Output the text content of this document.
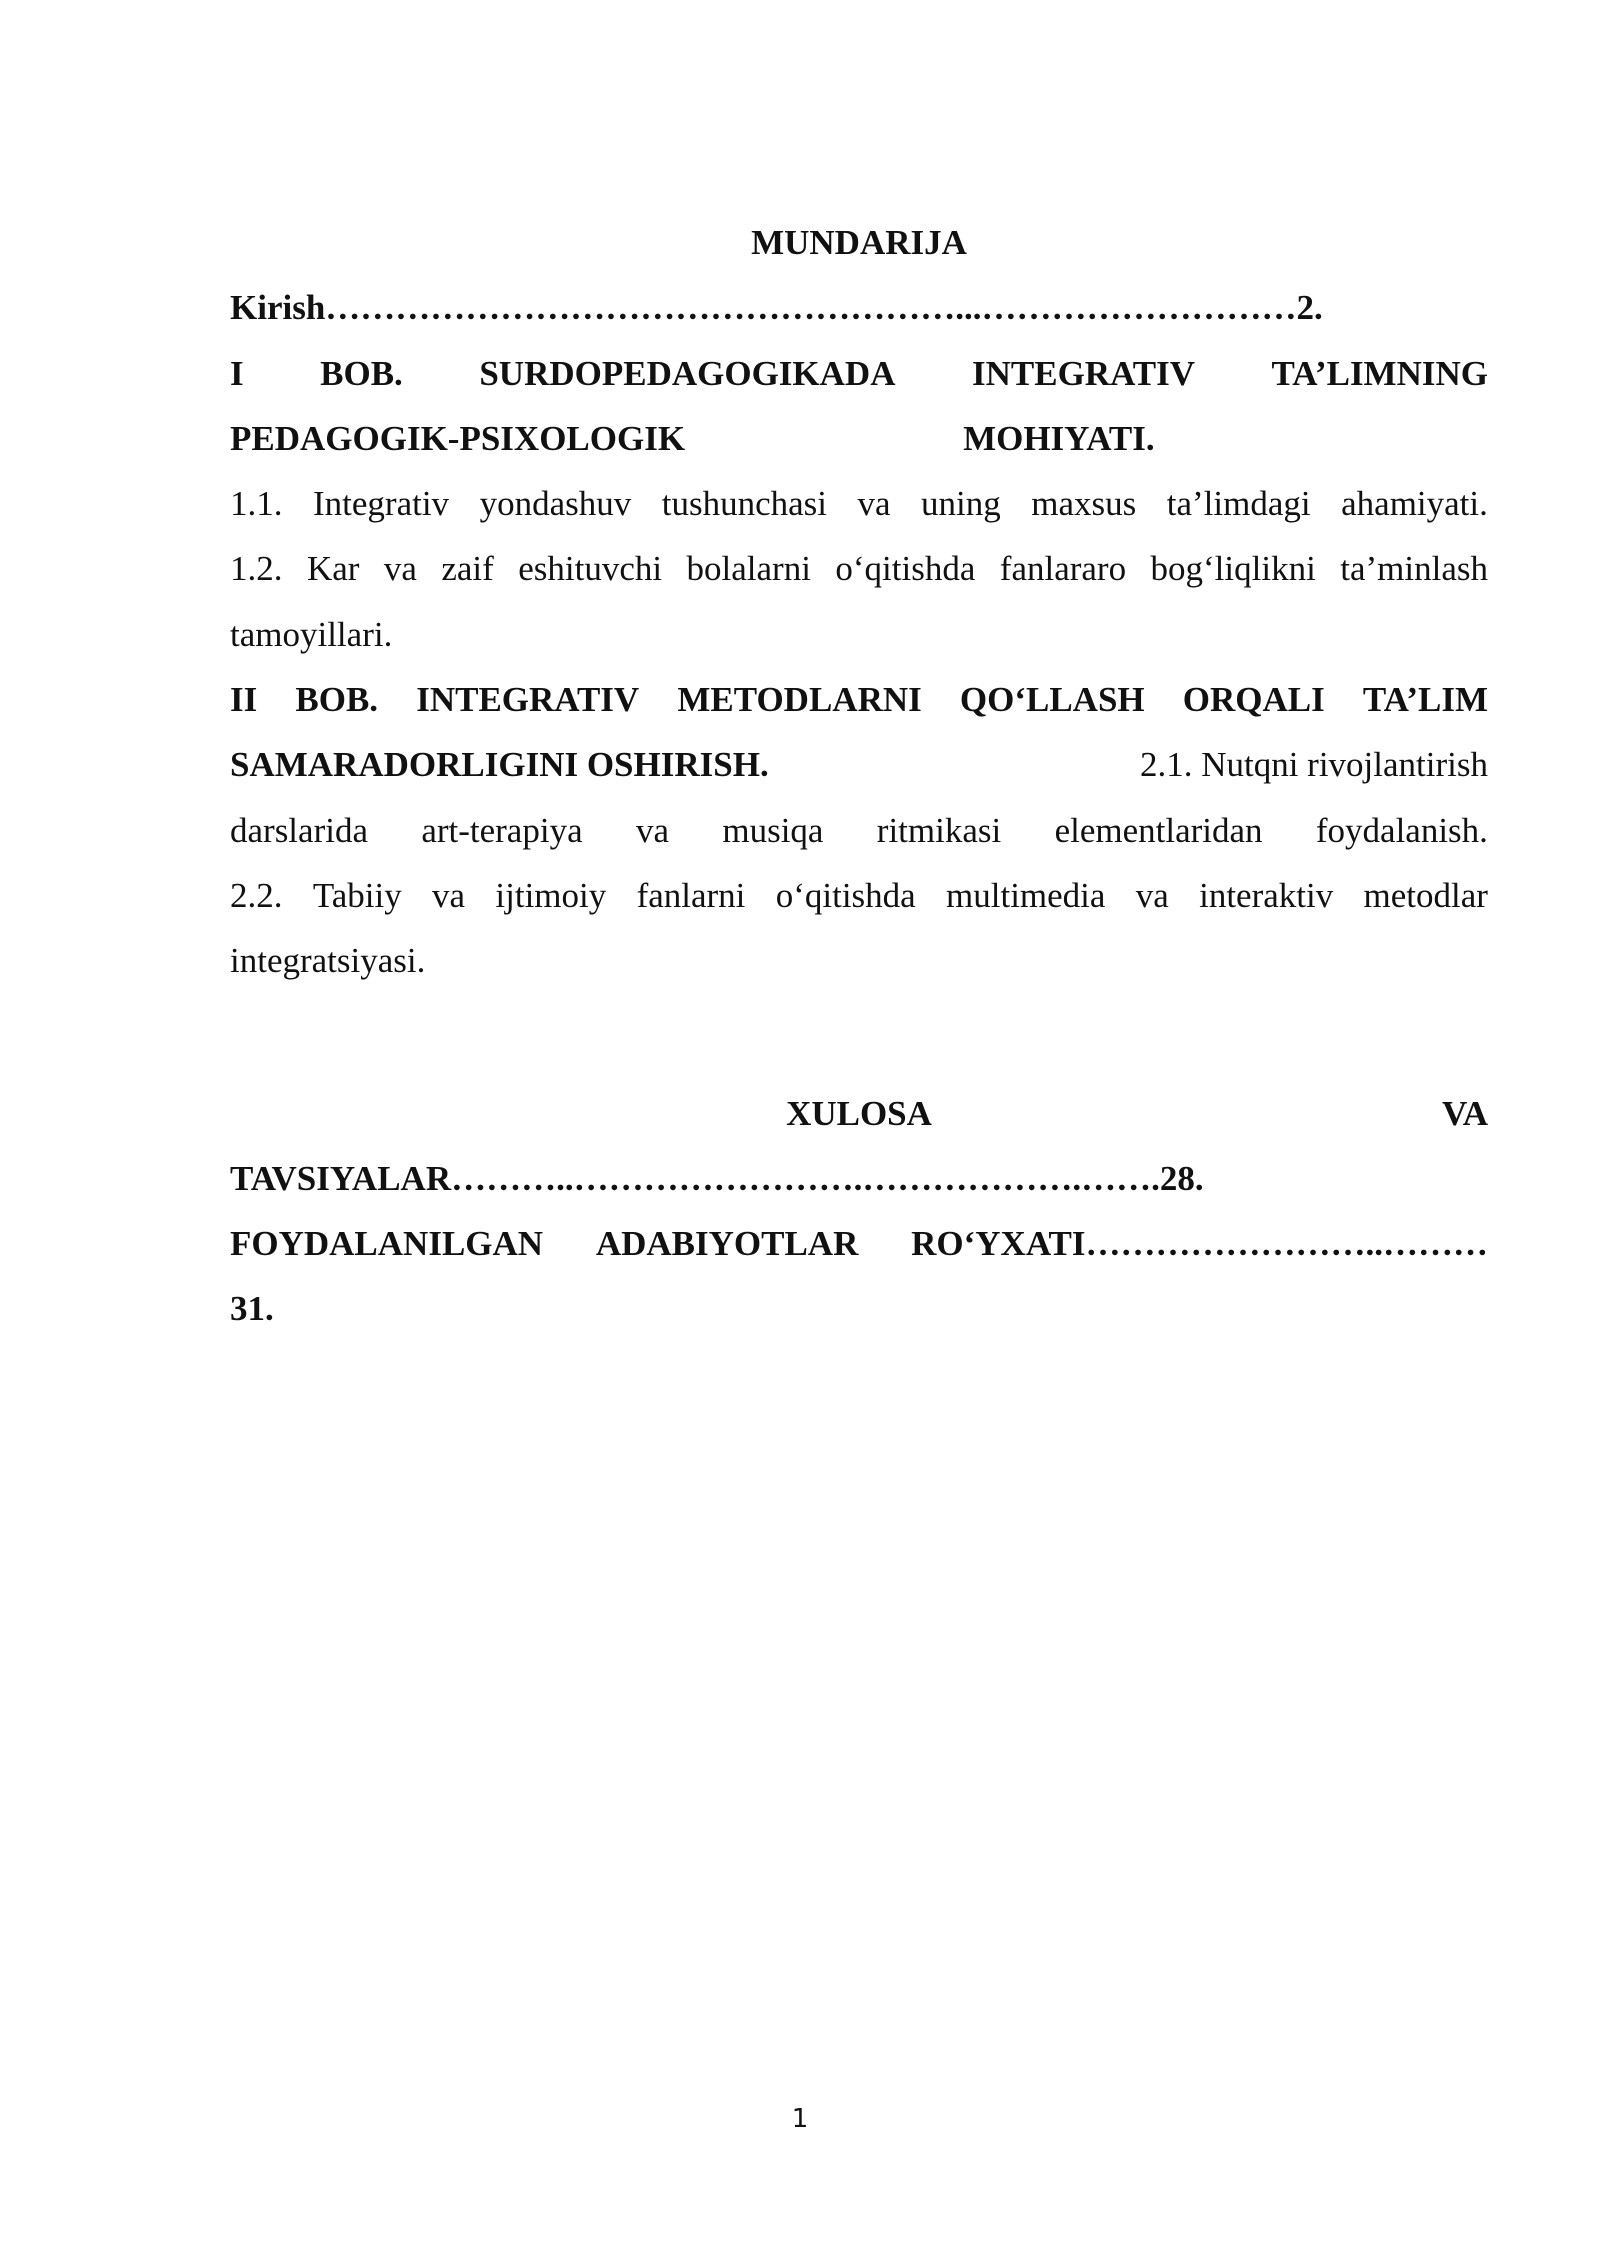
MUNDARIJA

Kirish ………………………………………………...……………………… 2.

I BOB. SURDOPEDAGOGIKADA INTEGRATIV TA’LIMNING

PEDAGOGIK-PSIXOLOGIK	MOHIYATI.

1.1. Integrativ yondashuv tushunchasi va uning maxsus ta’limdagi ahamiyati.

1.2. Kar va zaif eshituvchi bolalarni o‘qitishda fanlararo bog‘liqlikni ta’minlash

tamoyillari.

II BOB. INTEGRATIV METODLARNI QO‘LLASH ORQALI TA’LIM

SAMARADORLIGINI OSHIRISH.	2.1. Nutqni rivojlantirish

darslarida art-terapiya va musiqa ritmikasi elementlaridan foydalanish.

2.2. Tabiiy va ijtimoiy fanlarni o‘qitishda multimedia va interaktiv metodlar

integratsiyasi.

XULOSA	VA

TAVSIYALAR………..…………………….……………….…….28.

FOYDALANILGAN ADABIYOTLAR RO‘YXATI……………………..………

31.

1
